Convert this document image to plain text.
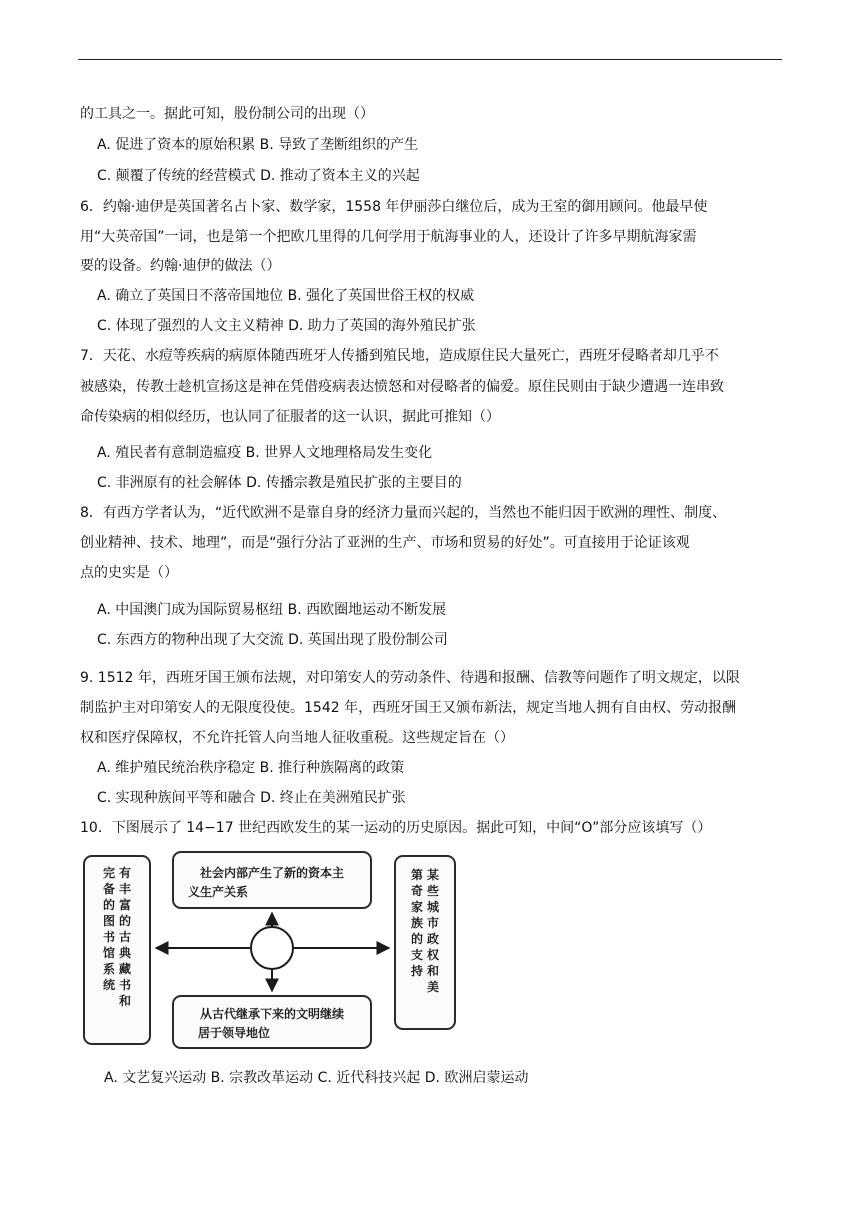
的工具之一。据此可知，股份制公司的出现（）
A. 促进了资本的原始积累 B. 导致了垄断组织的产生
C. 颠覆了传统的经营模式 D. 推动了资本主义的兴起
6．约翰·迪伊是英国著名占卜家、数学家，1558 年伊丽莎白继位后，成为王室的御用顾问。他最早使
用“大英帝国”一词，也是第一个把欧几里得的几何学用于航海事业的人，还设计了许多早期航海家需
要的设备。约翰·迪伊的做法（）
A. 确立了英国日不落帝国地位 B. 强化了英国世俗王权的权威
C. 体现了强烈的人文主义精神 D. 助力了英国的海外殖民扩张
7．天花、水痘等疾病的病原体随西班牙人传播到殖民地，造成原住民大量死亡，西班牙侵略者却几乎不
被感染，传教士趁机宣扬这是神在凭借疫病表达愤怒和对侵略者的偏爱。原住民则由于缺少遭遇一连串致
命传染病的相似经历，也认同了征服者的这一认识，据此可推知（）
A. 殖民者有意制造瘟疫 B. 世界人文地理格局发生变化
C. 非洲原有的社会解体 D. 传播宗教是殖民扩张的主要目的
8．有西方学者认为，“近代欧洲不是靠自身的经济力量而兴起的，当然也不能归因于欧洲的理性、制度、
创业精神、技术、地理”，而是“强行分沾了亚洲的生产、市场和贸易的好处”。可直接用于论证该观
点的史实是（）
A. 中国澳门成为国际贸易枢纽 B. 西欧圈地运动不断发展
C. 东西方的物种出现了大交流 D. 英国出现了股份制公司
9. 1512 年，西班牙国王颁布法规，对印第安人的劳动条件、待遇和报酬、信教等问题作了明文规定，以限
制监护主对印第安人的无限度役使。1542 年，西班牙国王又颁布新法，规定当地人拥有自由权、劳动报酬
权和医疗保障权，不允许托管人向当地人征收重税。这些规定旨在（）
A. 维护殖民统治秩序稳定 B. 推行种族隔离的政策
C. 实现种族间平等和融合 D. 终止在美洲殖民扩张
10．下图展示了 14−17 世纪西欧发生的某一运动的历史原因。据此可知，中间“O”部分应该填写（）
有
丰
富
的
古
典
藏
书
和
完
备
的
图
书
馆
系
统
某
些
城
市
政
权
和
美
第
奇
家
族
的
支
持
社会内部产生了新的资本主
义生产关系
从古代继承下来的文明继续
居于领导地位
A. 文艺复兴运动 B. 宗教改革运动 C. 近代科技兴起 D. 欧洲启蒙运动
